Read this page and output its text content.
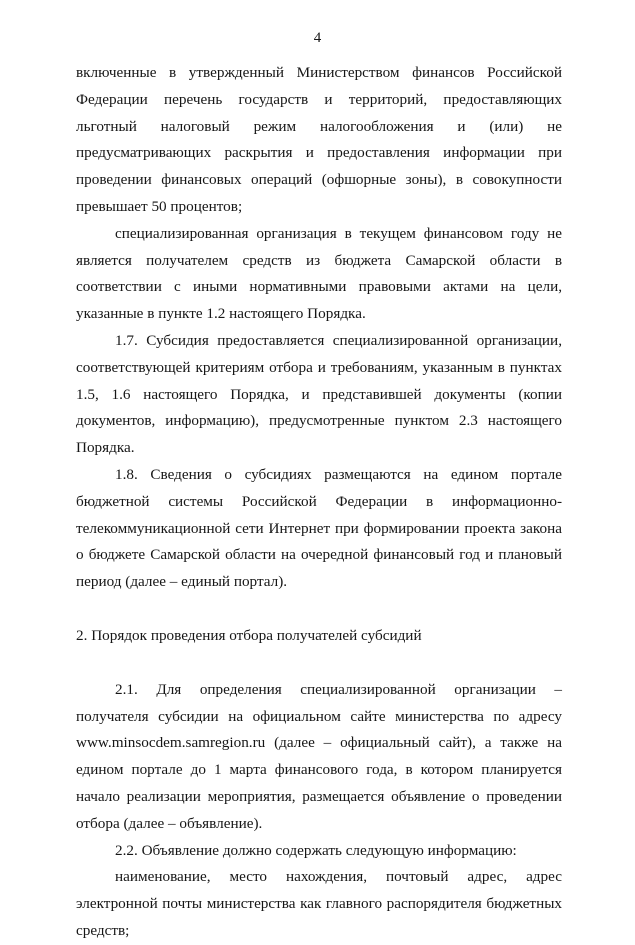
4

включенные в утвержденный Министерством финансов Российской Федерации перечень государств и территорий, предоставляющих льготный налоговый режим налогообложения и (или) не предусматривающих раскрытия и предоставления информации при проведении финансовых операций (офшорные зоны), в совокупности превышает 50 процентов;

специализированная организация в текущем финансовом году не является получателем средств из бюджета Самарской области в соответствии с иными нормативными правовыми актами на цели, указанные в пункте 1.2 настоящего Порядка.

1.7. Субсидия предоставляется специализированной организации, соответствующей критериям отбора и требованиям, указанным в пунктах 1.5, 1.6 настоящего Порядка, и представившей документы (копии документов, информацию), предусмотренные пунктом 2.3 настоящего Порядка.

1.8. Сведения о субсидиях размещаются на едином портале бюджетной системы Российской Федерации в информационно-телекоммуникационной сети Интернет при формировании проекта закона о бюджете Самарской области на очередной финансовый год и плановый период (далее – единый портал).

2. Порядок проведения отбора получателей субсидий

2.1. Для определения специализированной организации – получателя субсидии на официальном сайте министерства по адресу www.minsocdem.samregion.ru (далее – официальный сайт), а также на едином портале до 1 марта финансового года, в котором планируется начало реализации мероприятия, размещается объявление о проведении отбора (далее – объявление).

2.2. Объявление должно содержать следующую информацию:

наименование, место нахождения, почтовый адрес, адрес электронной почты министерства как главного распорядителя бюджетных средств;
